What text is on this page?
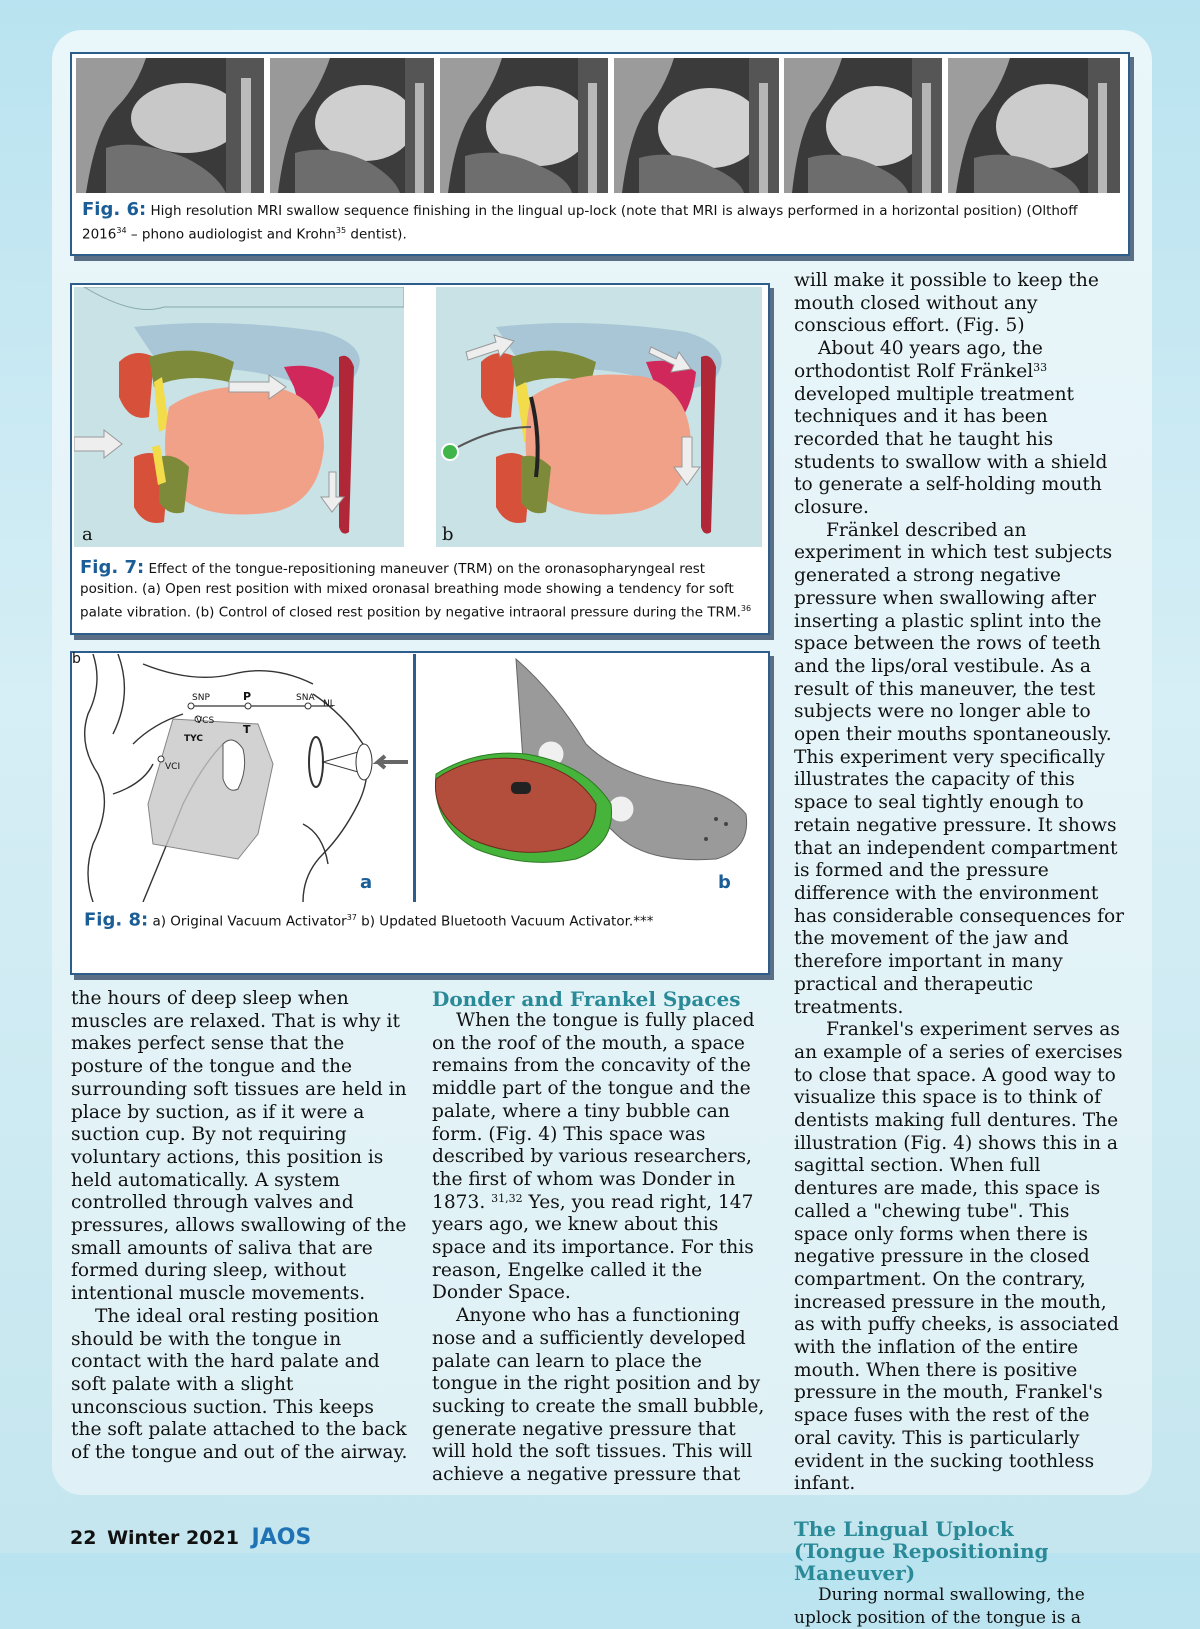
Fig. 6: High resolution MRI swallow sequence finishing in the lingual up-lock (note that MRI is always performed in a horizontal position) (Olthoff 2016$^{34}$ – phono audiologist and Krohn$^{35}$ dentist).
a	b
Fig. 7: Effect of the tongue-repositioning maneuver (TRM) on the oronasopharyngeal rest position. (a) Open rest position with mixed oronasal breathing mode showing a tendency for soft palate vibration. (b) Control of closed rest position by negative intraoral pressure during the TRM.$^{36}$
b
SNP	P	SNA
NL
VCS
T
TYC
VCI
a	b
Fig. 8: a) Original Vacuum Activator$^{37}$ b) Updated Bluetooth Vacuum Activator.***

the hours of deep sleep when muscles are relaxed. That is why it makes perfect sense that the posture of the tongue and the surrounding soft tissues are held in place by suction, as if it were a suction cup. By not requiring voluntary actions, this position is held automatically. A system controlled through valves and pressures, allows swallowing of the small amounts of saliva that are formed during sleep, without intentional muscle movements.

The ideal oral resting position should be with the tongue in contact with the hard palate and soft palate with a slight unconscious suction. This keeps the soft palate attached to the back of the tongue and out of the airway.

Donder and Frankel Spaces

When the tongue is fully placed on the roof of the mouth, a space remains from the concavity of the middle part of the tongue and the palate, where a tiny bubble can form. (Fig. 4) This space was described by various researchers, the first of whom was Donder in 1873. $^{31,32}$ Yes, you read right, 147 years ago, we knew about this space and its importance. For this reason, Engelke called it the Donder Space.

Anyone who has a functioning nose and a sufficiently developed palate can learn to place the tongue in the right position and by sucking to create the small bubble, generate negative pressure that will hold the soft tissues. This will achieve a negative pressure that

will make it possible to keep the mouth closed without any conscious effort. (Fig. 5)

About 40 years ago, the orthodontist Rolf Fränkel$^{33}$ developed multiple treatment techniques and it has been recorded that he taught his students to swallow with a shield to generate a self-holding mouth closure.

Fränkel described an experiment in which test subjects generated a strong negative pressure when swallowing after inserting a plastic splint into the space between the rows of teeth and the lips/oral vestibule. As a result of this maneuver, the test subjects were no longer able to open their mouths spontaneously. This experiment very specifically illustrates the capacity of this space to seal tightly enough to retain negative pressure. It shows that an independent compartment is formed and the pressure difference with the environment has considerable consequences for the movement of the jaw and therefore important in many practical and therapeutic treatments.

Frankel's experiment serves as an example of a series of exercises to close that space. A good way to visualize this space is to think of dentists making full dentures. The illustration (Fig. 4) shows this in a sagittal section. When full dentures are made, this space is called a "chewing tube". This space only forms when there is negative pressure in the closed compartment. On the contrary, increased pressure in the mouth, as with puffy cheeks, is associated with the inflation of the entire mouth. When there is positive pressure in the mouth, Frankel's space fuses with the rest of the oral cavity. This is particularly evident in the sucking toothless infant.

The Lingual Uplock (Tongue Repositioning Maneuver)

During normal swallowing, the uplock position of the tongue is a

22 Winter 2021 JAOS
